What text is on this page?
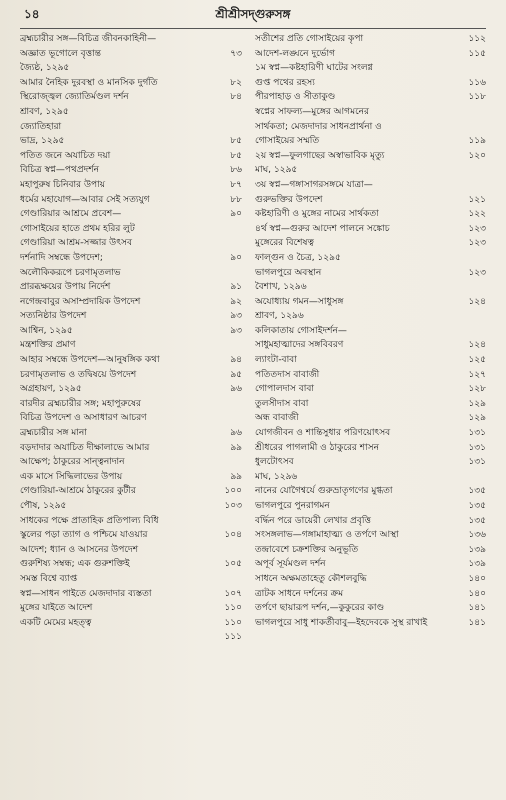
১৪	শ্রীশ্রীসদ্‌গুরুসঙ্গ
ব্রহ্মচারীর সঙ্গ—বিচিত্র জীবনকাহিনী—
অজ্ঞাত ভূগোলে বৃত্তান্ত	৭৩
জ্যৈষ্ঠ, ১২৯৫
আমার নৈহিক দুরবস্থা ও মানসিক দুর্গতি	৮২
স্থিরোজ্জ্বল জ্যোতির্মণ্ডল দর্শন	৮৪
শ্রাবণ, ১২৯৫
জ্যোতিহারা
ভাদ্র, ১২৯৫	৮৫
পতিত জনে অযাচিত দয়া	৮৫
বিচিত্র স্বপ্ন—পথপ্রদর্শন	৮৬
মহাপুরুষ চিনিবার উপায়	৮৭
ধর্মের মহাযোগ—আবার সেই সত্যযুগ	৮৮
গেণ্ডারিয়ার আশ্রমে প্রবেশ—	৯০
গোসাইয়ের হাতে প্রথম হরির লুট
গেণ্ডারিয়া আশ্রম-সজ্জার উৎসব
দর্শনাদি সম্বন্ধে উপদেশ;	৯০
অলৌকিকরূপে চরণামৃতলাভ
প্রারব্ধক্ষয়ের উপায় নির্দেশ	৯১
নগেন্দ্রবাবুর অসাম্প্রদায়িক উপদেশ	৯২
সত্যনিষ্ঠার উপদেশ	৯৩
আশ্বিন, ১২৯৫	৯৩
মন্ত্রশক্তির প্রমাণ
আহার সম্বন্ধে উপদেশ—আনুষঙ্গিক কথা	৯৪
চরণামৃতলাভ ও তদ্বিষয়ে উপদেশ	৯৫
অগ্রহায়ণ, ১২৯৫	৯৬
বারদীর ব্রহ্মচারীর সঙ্গ; মহাপুরুষের
বিচিত্র উপদেশ ও অসাধারণ আচরণ
ব্রহ্মচারীর সঙ্গ মানা	৯৬
বড়দাদার অযাচিত দীক্ষালাভে আমার	৯৯
আক্ষেপ; ঠাকুরের সান্ত্বনাদান
এক মাসে সিদ্ধিলাভের উপায়	৯৯
গেণ্ডারিয়া-আশ্রমে ঠাকুরের কুটীর	১০০
পৌষ, ১২৯৫	১০৩
সাধকের পক্ষে প্রাতাহিক প্রতিপাল্য বিধি
স্কুলের পড়া ত্যাগ ও পশ্চিমে যাওয়ার	১০৪
আদেশ; ধ্যান ও আসনের উপদেশ
গুরুশিষ্য সম্বন্ধ; এক গুরুশক্তিই	১০৫
সমস্ত বিশ্বে ব্যাপ্ত
স্বপ্ন—সাধন পাইতে মেজদাদার ব্যস্ততা	১০৭
মুঙ্গের যাইতে আদেশ	১১০
একটি মেমের মহত্ত্ব	১১০
১১১
সতীশের প্রতি গোসাইয়ের কৃপা	১১২
আদেশ-লঙ্ঘনে দুর্ভোগ	১১৫
১ম স্বপ্ন—কষ্টহারিণী ঘাটের সংলগ্ন
গুপ্ত পথের রহস্য	১১৬
পীরপাহাড় ও সীতাকুণ্ড	১১৮
স্বপ্নের সাফল্য—মুঙ্গের আগমনের
সার্থকতা; মেজদাদার সাধনপ্রার্থনা ও
গোসাইয়ের সম্মতি	১১৯
২য় স্বপ্ন—ফুলগাছের অস্বাভাবিক মৃত্যু	১২০
মাঘ, ১২৯৫
৩য় স্বপ্ন—গঙ্গাসাগরসঙ্গমে যাত্রা—
গুরুভক্তির উপদেশ	১২১
কষ্টহারিণী ও মুঙ্গের নামের সার্থকতা	১২২
৪র্থ স্বপ্ন—গুরুর আদেশ পালনে সঙ্কোচ	১২৩
মুঙ্গেরের বিশেষত্ব	১২৩
ফাল্গুন ও চৈত্র, ১২৯৫
ভাগলপুরে অবস্থান	১২৩
বৈশাখ, ১২৯৬
অযোধ্যায় গমন—সাধুসঙ্গ	১২৪
শ্রাবণ, ১২৯৬
কলিকাতায় গোসাইদর্শন—
সাধুমহাত্মাদের সঙ্গবিবরণ	১২৪
ল্যাংটা-বাবা	১২৫
পতিতদাস বাবাজী	১২৭
গোপালদাস বাবা	১২৮
তুলসীদাস বাবা	১২৯
অন্ধ বাবাজী	১২৯
যোগজীবন ও শান্তিসুধার পরিণয়োৎসব	১৩১
শ্রীধরের পাগলামী ও ঠাকুরের শাসন	১৩১
ধুলটোৎসব	১৩১
মাঘ, ১২৯৬
নানের যোগৈশ্বর্যে গুরুভ্রাতৃগণের মুগ্ধতা	১৩৫
ভাগলপুরে পুনরাগমন	১৩৫
বর্দ্ধিন পরে ডায়েরী লেখার প্রবৃত্তি	১৩৫
সংসঙ্গলাভ—গঙ্গামাহাত্ম্য ও তর্পণে আস্থা	১৩৬
তন্দ্রাবেশে চক্রশক্তির অনুভূতি	১৩৯
অপূর্ব সূর্যমণ্ডল দর্শন	১৩৯
সাধনে অক্ষমতাহেতু কৌশলবুদ্ধি	১৪০
ত্রাটক সাধনে দর্শনের ক্রম	১৪০
তর্পণে ছায়ারূপ দর্শন,—কুকুরের কাণ্ড	১৪১
ভাগলপুরে সাধু শাকর্তীবাবু—ইহদেবকে সুস্থ রাখাই	১৪১
